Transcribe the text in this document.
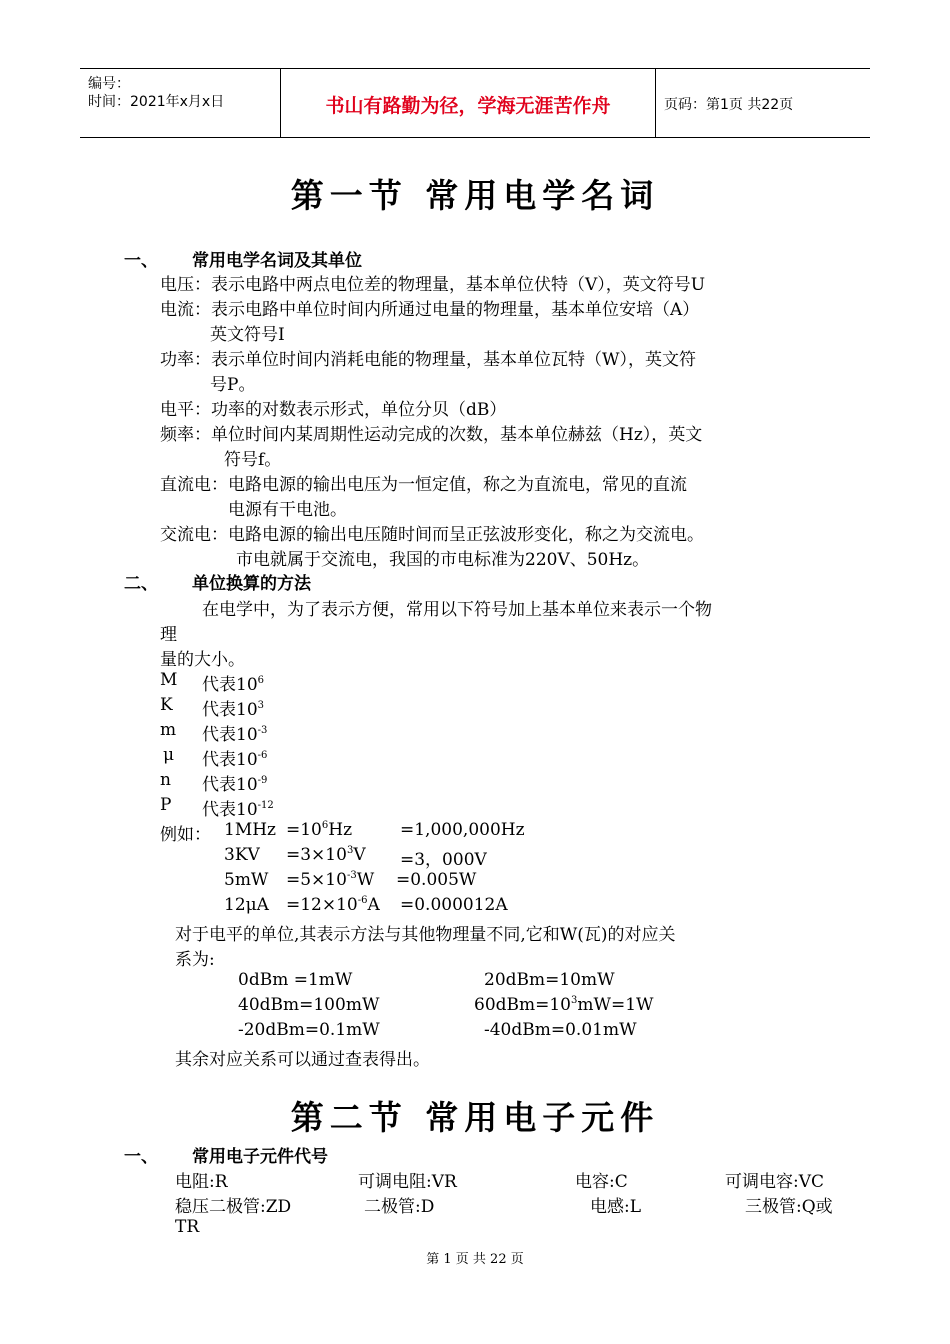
编号：
时间：2021年x月x日	书山有路勤为径，学海无涯苦作舟	页码：第1页 共22页
第一节 常用电学名词
一、 常用电学名词及其单位
电压：表示电路中两点电位差的物理量，基本单位伏特（V），英文符号U
电流：表示电路中单位时间内所通过电量的物理量，基本单位安培（A）
英文符号I
功率：表示单位时间内消耗电能的物理量，基本单位瓦特（W），英文符
号P。
电平：功率的对数表示形式，单位分贝（dB）
频率：单位时间内某周期性运动完成的次数，基本单位赫兹（Hz），英文
符号f。
直流电：电路电源的输出电压为一恒定值，称之为直流电，常见的直流
电源有干电池。
交流电：电路电源的输出电压随时间而呈正弦波形变化，称之为交流电。
市电就属于交流电，我国的市电标准为220V、50Hz。
二、 单位换算的方法
在电学中，为了表示方便，常用以下符号加上基本单位来表示一个物
理
量的大小。
M 代表$10^6$
K 代表$10^3$
m 代表$10^{-3}$
μ 代表$10^{-6}$
n 代表$10^{-9}$
P 代表$10^{-12}$
例如： $1MHz =10^6Hz$	=1,000,000Hz
$3KV =3\times 10^3V =3$，000V
$5mW =5\times 10^{-3}W =0.005W$
$12\mu A =12\times 10^{-6}A =0.000012A$
对于电平的单位,其表示方法与其他物理量不同,它和W(瓦)的对应关
系为:
0dBm =1mW	20dBm=10mW
40dBm=100mW	$60dBm=10^3mW=1W$
-20dBm=0.1mW	-40dBm=0.01mW
其余对应关系可以通过查表得出。
第二节 常用电子元件
一、 常用电子元件代号
电阻:R	可调电阻:VR	电容:C	可调电容:VC
稳压二极管:ZD	二极管:D	电感:L	三极管:Q或
TR
第 1 页 共 22 页
